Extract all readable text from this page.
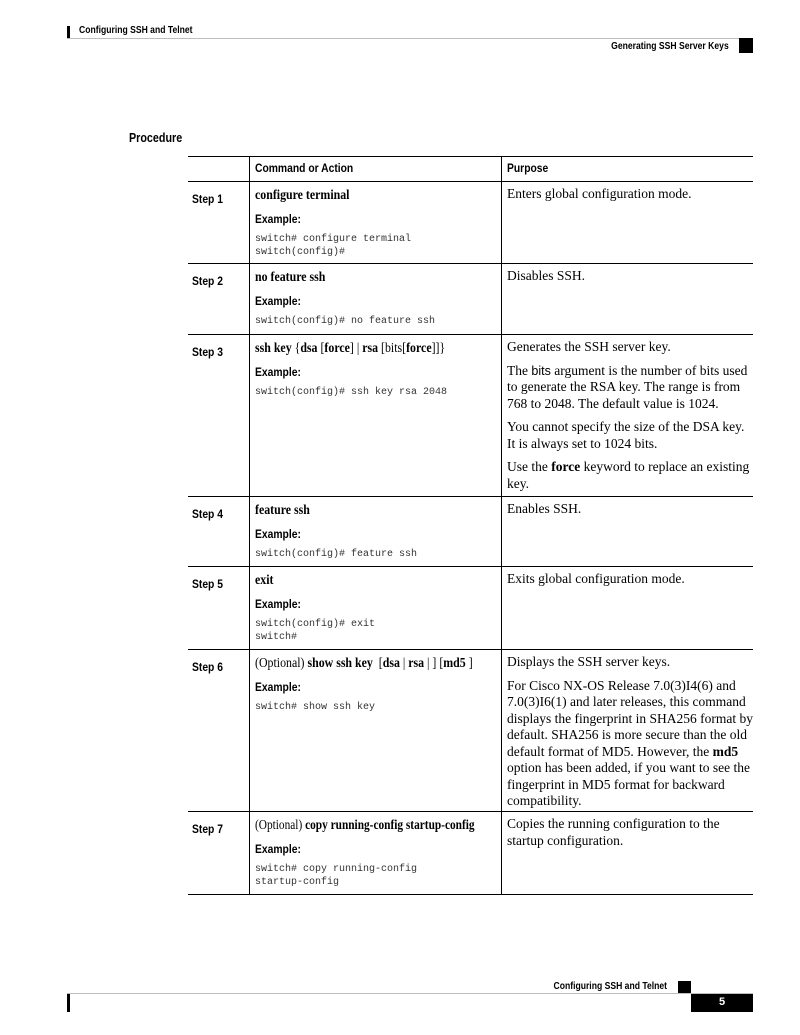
Configuring SSH and Telnet
Generating SSH Server Keys
Procedure
Command or Action	Purpose
Step 1 configure terminal
Example:
switch# configure terminal
switch(config)#

Enters global configuration mode.

Step 2 no feature ssh
Example:
switch(config)# no feature ssh

Disables SSH.

Step 3 ssh key {dsa [force] | rsa [bits[force]]}
Example:
switch(config)# ssh key rsa 2048

Generates the SSH server key.

The bits argument is the number of bits used to generate the RSA key. The range is from 768 to 2048. The default value is 1024.

You cannot specify the size of the DSA key. It is always set to 1024 bits.

Use the force keyword to replace an existing key.

Step 4 feature ssh
Example:
switch(config)# feature ssh

Enables SSH.

Step 5 exit
Example:
switch(config)# exit
switch#

Exits global configuration mode.

Step 6 (Optional) show ssh key  [dsa | rsa | ] [md5 ]
Example:
switch# show ssh key

Displays the SSH server keys.

For Cisco NX-OS Release 7.0(3)I4(6) and 7.0(3)I6(1) and later releases, this command displays the fingerprint in SHA256 format by default. SHA256 is more secure than the old default format of MD5. However, the md5 option has been added, if you want to see the fingerprint in MD5 format for backward compatibility.

Step 7 (Optional) copy running-config startup-config
Example:
switch# copy running-config
startup-config

Copies the running configuration to the startup configuration.

Configuring SSH and Telnet
5
